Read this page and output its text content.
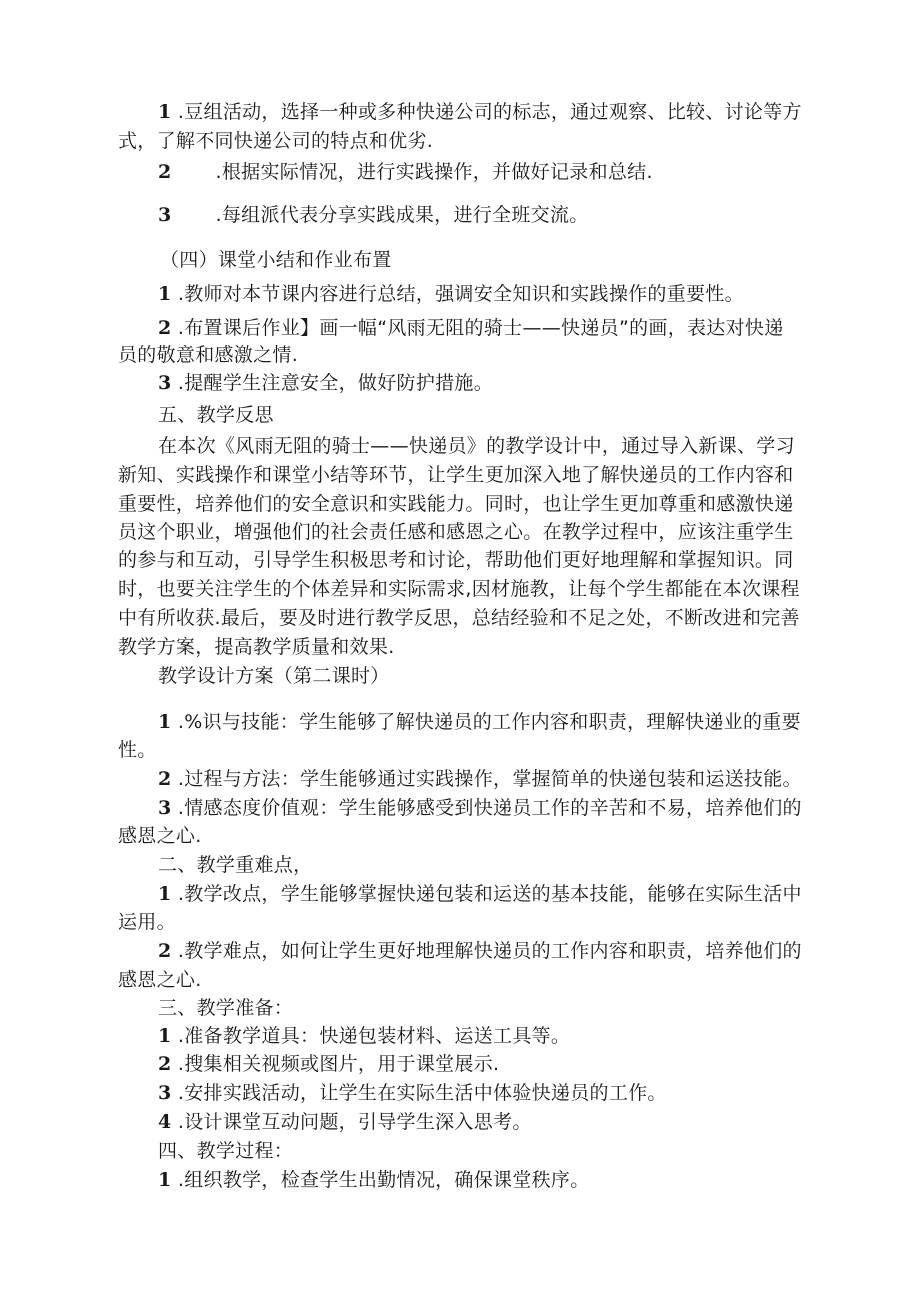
1 .豆组活动，选择一种或多种快递公司的标志，通过观察、比较、讨论等方
式，了解不同快递公司的特点和优劣.
2 .根据实际情况，进行实践操作，并做好记录和总结.
3 .每组派代表分享实践成果，进行全班交流。
（四）课堂小结和作业布置
1 .教师对本节课内容进行总结，强调安全知识和实践操作的重要性。
2 .布置课后作业】画一幅“风雨无阻的骑士——快递员”的画，表达对快递
员的敬意和感激之情.
3 .提醒学生注意安全，做好防护措施。
五、教学反思
在本次《风雨无阻的骑士——快递员》的教学设计中，通过导入新课、学习
新知、实践操作和课堂小结等环节，让学生更加深入地了解快递员的工作内容和
重要性，培养他们的安全意识和实践能力。同时，也让学生更加尊重和感激快递
员这个职业，增强他们的社会责任感和感恩之心。在教学过程中，应该注重学生
的参与和互动，引导学生积极思考和讨论，帮助他们更好地理解和掌握知识。同
时，也要关注学生的个体差异和实际需求,因材施教，让每个学生都能在本次课程
中有所收获.最后，要及时进行教学反思，总结经验和不足之处，不断改进和完善
教学方案，提高教学质量和效果.
教学设计方案（第二课时）
1 .%识与技能：学生能够了解快递员的工作内容和职责，理解快递业的重要
性。
2 .过程与方法：学生能够通过实践操作，掌握简单的快递包装和运送技能。
3 .情感态度价值观：学生能够感受到快递员工作的辛苦和不易，培养他们的
感恩之心.
二、教学重难点，
1 .教学改点，学生能够掌握快递包装和运送的基本技能，能够在实际生活中
运用。
2 .教学难点，如何让学生更好地理解快递员的工作内容和职责，培养他们的
感恩之心.
三、教学准备：
1 .准备教学道具：快递包装材料、运送工具等。
2 .搜集相关视频或图片，用于课堂展示.
3 .安排实践活动，让学生在实际生活中体验快递员的工作。
4 .设计课堂互动问题，引导学生深入思考。
四、教学过程：
1 .组织教学，检查学生出勤情况，确保课堂秩序。
